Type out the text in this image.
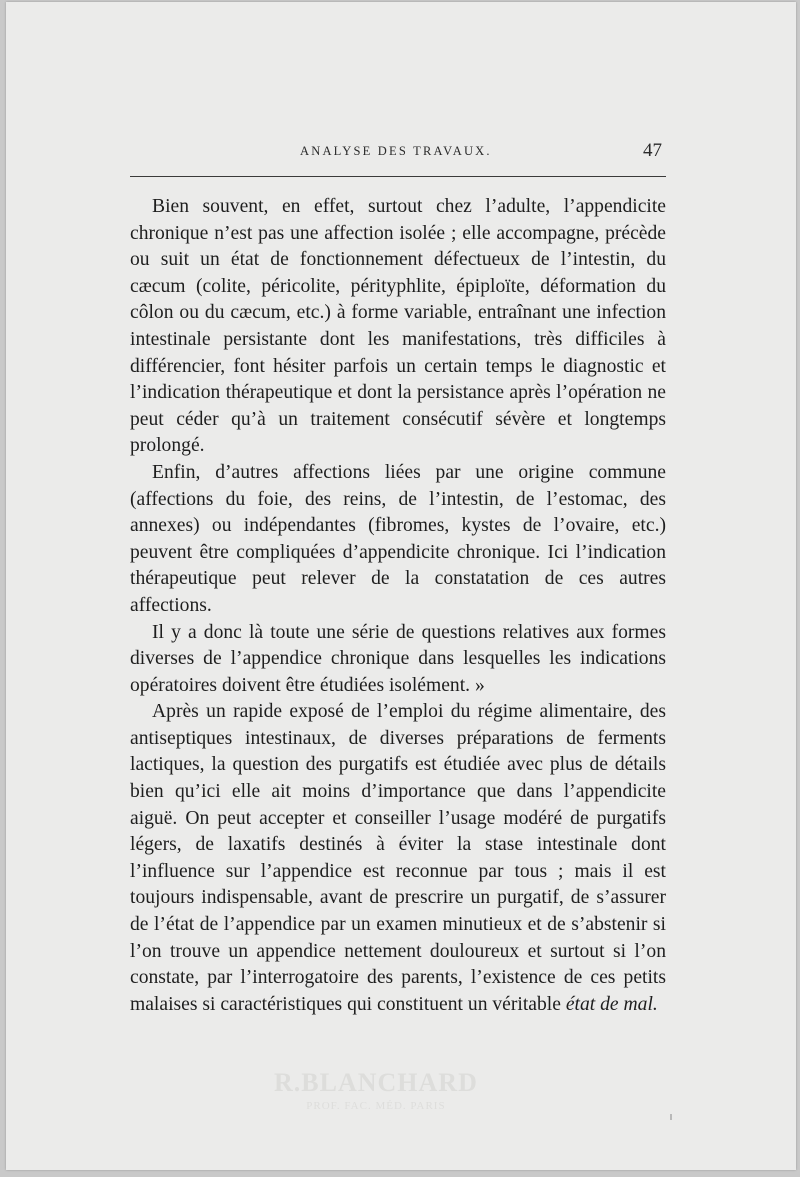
ANALYSE DES TRAVAUX.	47

Bien souvent, en effet, surtout chez l’adulte, l’appendicite chronique n’est pas une affection isolée ; elle accompagne, précède ou suit un état de fonctionnement défectueux de l’intestin, du cæcum (colite, péricolite, pérityphlite, épiploïte, déformation du côlon ou du cæcum, etc.) à forme variable, entraînant une infection intestinale persistante dont les manifestations, très difficiles à différencier, font hésiter parfois un certain temps le diagnostic et l’indication thérapeutique et dont la persistance après l’opération ne peut céder qu’à un traitement consécutif sévère et longtemps prolongé.

Enfin, d’autres affections liées par une origine commune (affections du foie, des reins, de l’intestin, de l’estomac, des annexes) ou indépendantes (fibromes, kystes de l’ovaire, etc.) peuvent être compliquées d’appendicite chronique. Ici l’indication thérapeutique peut relever de la constatation de ces autres affections.

Il y a donc là toute une série de questions relatives aux formes diverses de l’appendice chronique dans lesquelles les indications opératoires doivent être étudiées isolément. »

Après un rapide exposé de l’emploi du régime alimentaire, des antiseptiques intestinaux, de diverses préparations de ferments lactiques, la question des purgatifs est étudiée avec plus de détails bien qu’ici elle ait moins d’importance que dans l’appendicite aiguë. On peut accepter et conseiller l’usage modéré de purgatifs légers, de laxatifs destinés à éviter la stase intestinale dont l’influence sur l’appendice est reconnue par tous ; mais il est toujours indispensable, avant de prescrire un purgatif, de s’assurer de l’état de l’appendice par un examen minutieux et de s’abstenir si l’on trouve un appendice nettement douloureux et surtout si l’on constate, par l’interrogatoire des parents, l’existence de ces petits malaises si caractéristiques qui constituent un véritable état de mal.

R.BLANCHARD
PROF. FAC. MÉD. PARIS
